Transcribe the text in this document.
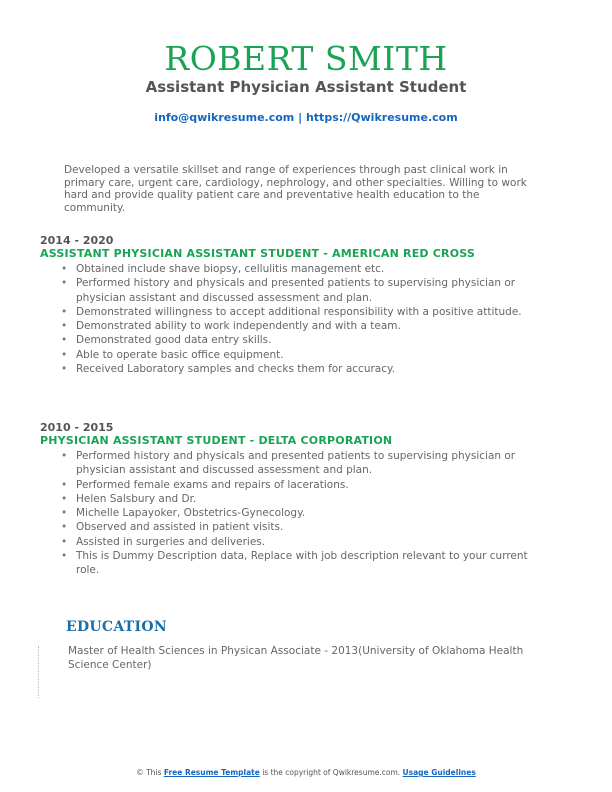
ROBERT SMITH
Assistant Physician Assistant Student
info@qwikresume.com | https://Qwikresume.com

Developed a versatile skillset and range of experiences through past clinical work in primary care, urgent care, cardiology, nephrology, and other specialties. Willing to work hard and provide quality patient care and preventative health education to the community.

2014 - 2020
ASSISTANT PHYSICIAN ASSISTANT STUDENT - AMERICAN RED CROSS
• Obtained include shave biopsy, cellulitis management etc.
• Performed history and physicals and presented patients to supervising physician or physician assistant and discussed assessment and plan.
• Demonstrated willingness to accept additional responsibility with a positive attitude.
• Demonstrated ability to work independently and with a team.
• Demonstrated good data entry skills.
• Able to operate basic office equipment.
• Received Laboratory samples and checks them for accuracy.
2010 - 2015
PHYSICIAN ASSISTANT STUDENT - DELTA CORPORATION
• Performed history and physicals and presented patients to supervising physician or physician assistant and discussed assessment and plan.
• Performed female exams and repairs of lacerations.
• Helen Salsbury and Dr.
• Michelle Lapayoker, Obstetrics-Gynecology.
• Observed and assisted in patient visits.
• Assisted in surgeries and deliveries.
• This is Dummy Description data, Replace with job description relevant to your current role.
EDUCATION
Master of Health Sciences in Physican Associate - 2013(University of Oklahoma Health Science Center)
© This Free Resume Template is the copyright of Qwikresume.com. Usage Guidelines
